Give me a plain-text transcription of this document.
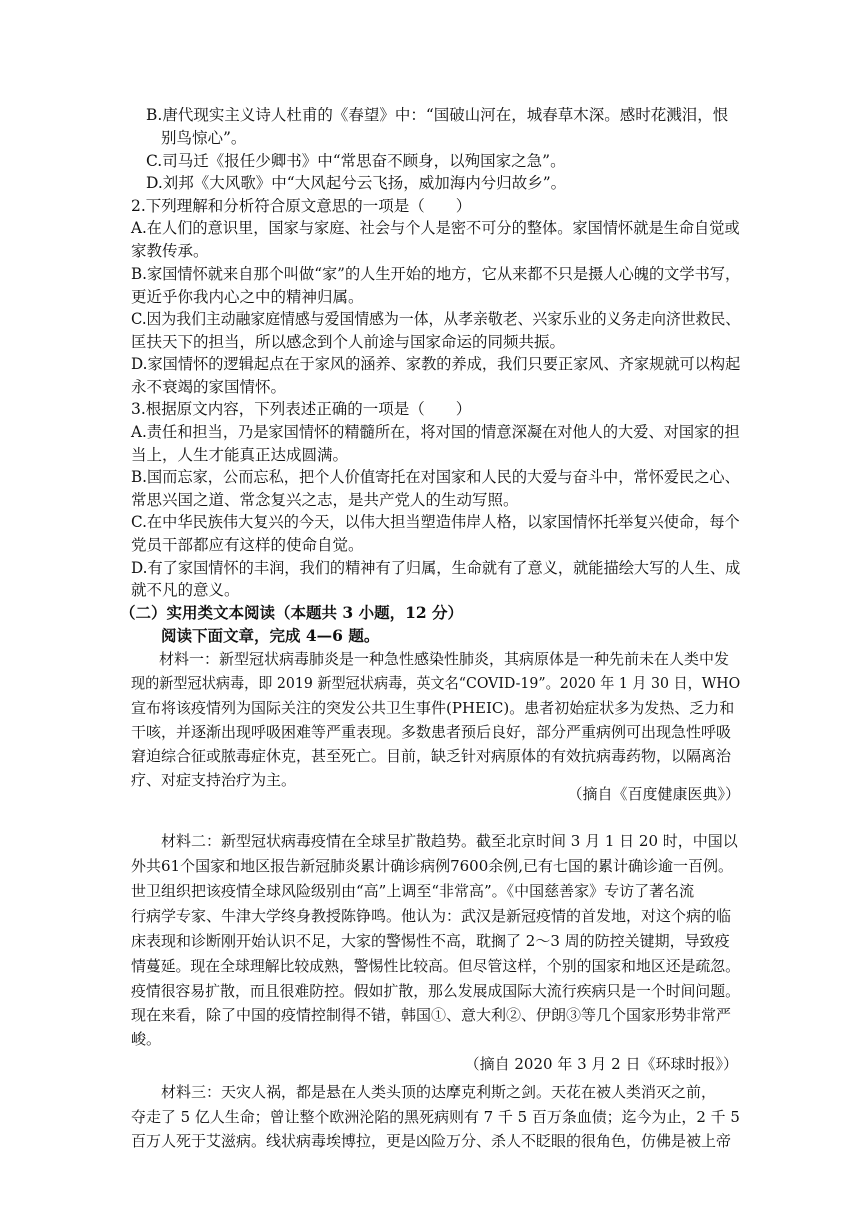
B.唐代现实主义诗人杜甫的《春望》中：“国破山河在，城春草木深。感时花溅泪，恨
别鸟惊心”。
C.司马迁《报任少卿书》中“常思奋不顾身，以殉国家之急”。
D.刘邦《大风歌》中“大风起兮云飞扬，威加海内兮归故乡”。
2.下列理解和分析符合原文意思的一项是（　　）
A.在人们的意识里，国家与家庭、社会与个人是密不可分的整体。家国情怀就是生命自觉或
家教传承。
B.家国情怀就来自那个叫做“家”的人生开始的地方，它从来都不只是摄人心魄的文学书写，
更近乎你我内心之中的精神归属。
C.因为我们主动融家庭情感与爱国情感为一体，从孝亲敬老、兴家乐业的义务走向济世救民、
匡扶天下的担当，所以感念到个人前途与国家命运的同频共振。
D.家国情怀的逻辑起点在于家风的涵养、家教的养成，我们只要正家风、齐家规就可以构起
永不衰竭的家国情怀。
3.根据原文内容，下列表述正确的一项是（　　）
A.责任和担当，乃是家国情怀的精髓所在，将对国的情意深凝在对他人的大爱、对国家的担
当上，人生才能真正达成圆满。
B.国而忘家，公而忘私，把个人价值寄托在对国家和人民的大爱与奋斗中，常怀爱民之心、
常思兴国之道、常念复兴之志，是共产党人的生动写照。
C.在中华民族伟大复兴的今天，以伟大担当塑造伟岸人格，以家国情怀托举复兴使命，每个
党员干部都应有这样的使命自觉。
D.有了家国情怀的丰润，我们的精神有了归属，生命就有了意义，就能描绘大写的人生、成
就不凡的意义。
（二）实用类文本阅读（本题共 3 小题，12 分）
阅读下面文章，完成 4—6 题。
材料一：新型冠状病毒肺炎是一种急性感染性肺炎，其病原体是一种先前未在人类中发
现的新型冠状病毒，即 2019 新型冠状病毒，英文名“COVID-19”。2020 年 1 月 30 日，WHO
宣布将该疫情列为国际关注的突发公共卫生事件(PHEIC)。患者初始症状多为发热、乏力和
干咳，并逐渐出现呼吸困难等严重表现。多数患者预后良好，部分严重病例可出现急性呼吸
窘迫综合征或脓毒症休克，甚至死亡。目前，缺乏针对病原体的有效抗病毒药物，以隔离治
疗、对症支持治疗为主。
（摘自《百度健康医典》）
材料二：新型冠状病毒疫情在全球呈扩散趋势。截至北京时间 3 月 1 日 20 时，中国以
外共61个国家和地区报告新冠肺炎累计确诊病例7600余例,已有七国的累计确诊逾一百例。
世卫组织把该疫情全球风险级别由“高”上调至“非常高”。《中国慈善家》专访了著名流
行病学专家、牛津大学终身教授陈铮鸣。他认为：武汉是新冠疫情的首发地，对这个病的临
床表现和诊断刚开始认识不足，大家的警惕性不高，耽搁了 2～3 周的防控关键期，导致疫
情蔓延。现在全球理解比较成熟，警惕性比较高。但尽管这样，个别的国家和地区还是疏忽。
疫情很容易扩散，而且很难防控。假如扩散，那么发展成国际大流行疾病只是一个时间问题。
现在来看，除了中国的疫情控制得不错，韩国①、意大利②、伊朗③等几个国家形势非常严
峻。
（摘自 2020 年 3 月 2 日《环球时报》）
材料三：天灾人祸，都是悬在人类头顶的达摩克利斯之剑。天花在被人类消灭之前，
夺走了 5 亿人生命；曾让整个欧洲沦陷的黑死病则有 7 千 5 百万条血债；迄今为止，2 千 5
百万人死于艾滋病。线状病毒埃博拉，更是凶险万分、杀人不眨眼的很角色，仿佛是被上帝
